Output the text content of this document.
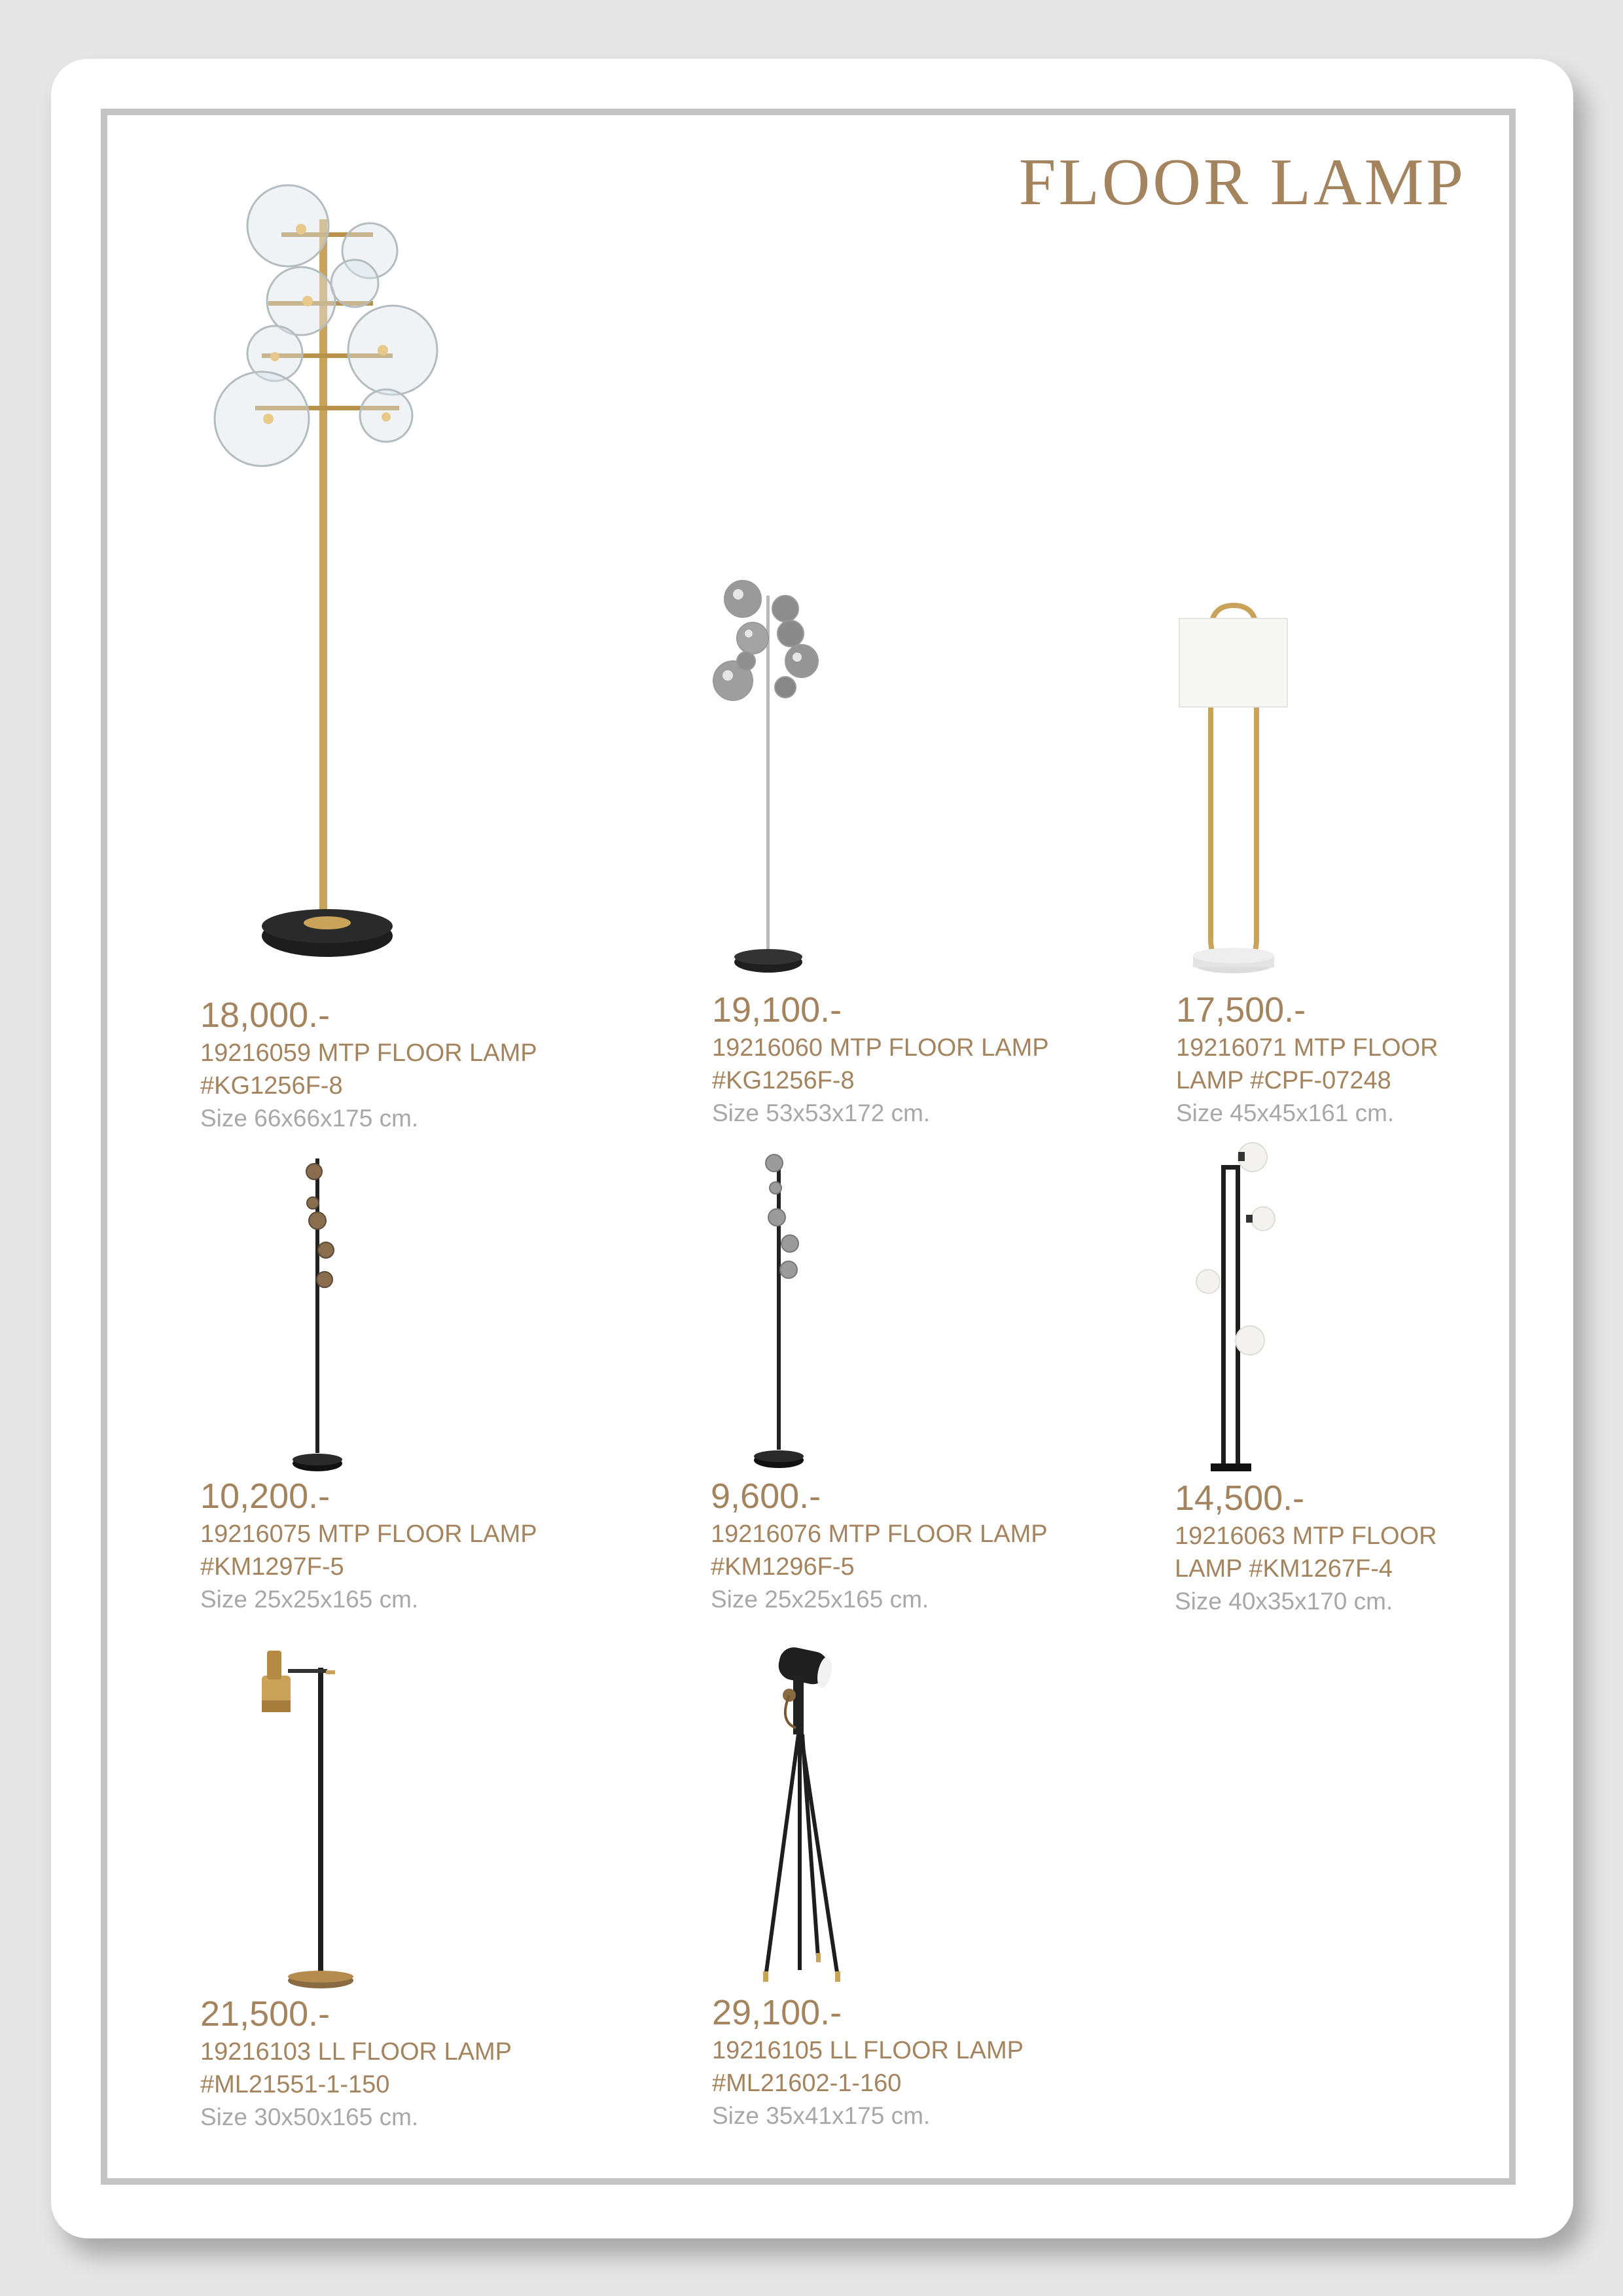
FLOOR LAMP
18,000.-
19216059 MTP FLOOR LAMP
#KG1256F-8
Size 66x66x175 cm.
19,100.-
19216060 MTP FLOOR LAMP
#KG1256F-8
Size 53x53x172 cm.
17,500.-
19216071 MTP FLOOR
LAMP #CPF-07248
Size 45x45x161 cm.
10,200.-
19216075 MTP FLOOR LAMP
#KM1297F-5
Size 25x25x165 cm.
9,600.-
19216076 MTP FLOOR LAMP
#KM1296F-5
Size 25x25x165 cm.
14,500.-
19216063 MTP FLOOR
LAMP #KM1267F-4
Size 40x35x170 cm.
21,500.-
19216103 LL FLOOR LAMP
#ML21551-1-150
Size 30x50x165 cm.
29,100.-
19216105 LL FLOOR LAMP
#ML21602-1-160
Size 35x41x175 cm.
